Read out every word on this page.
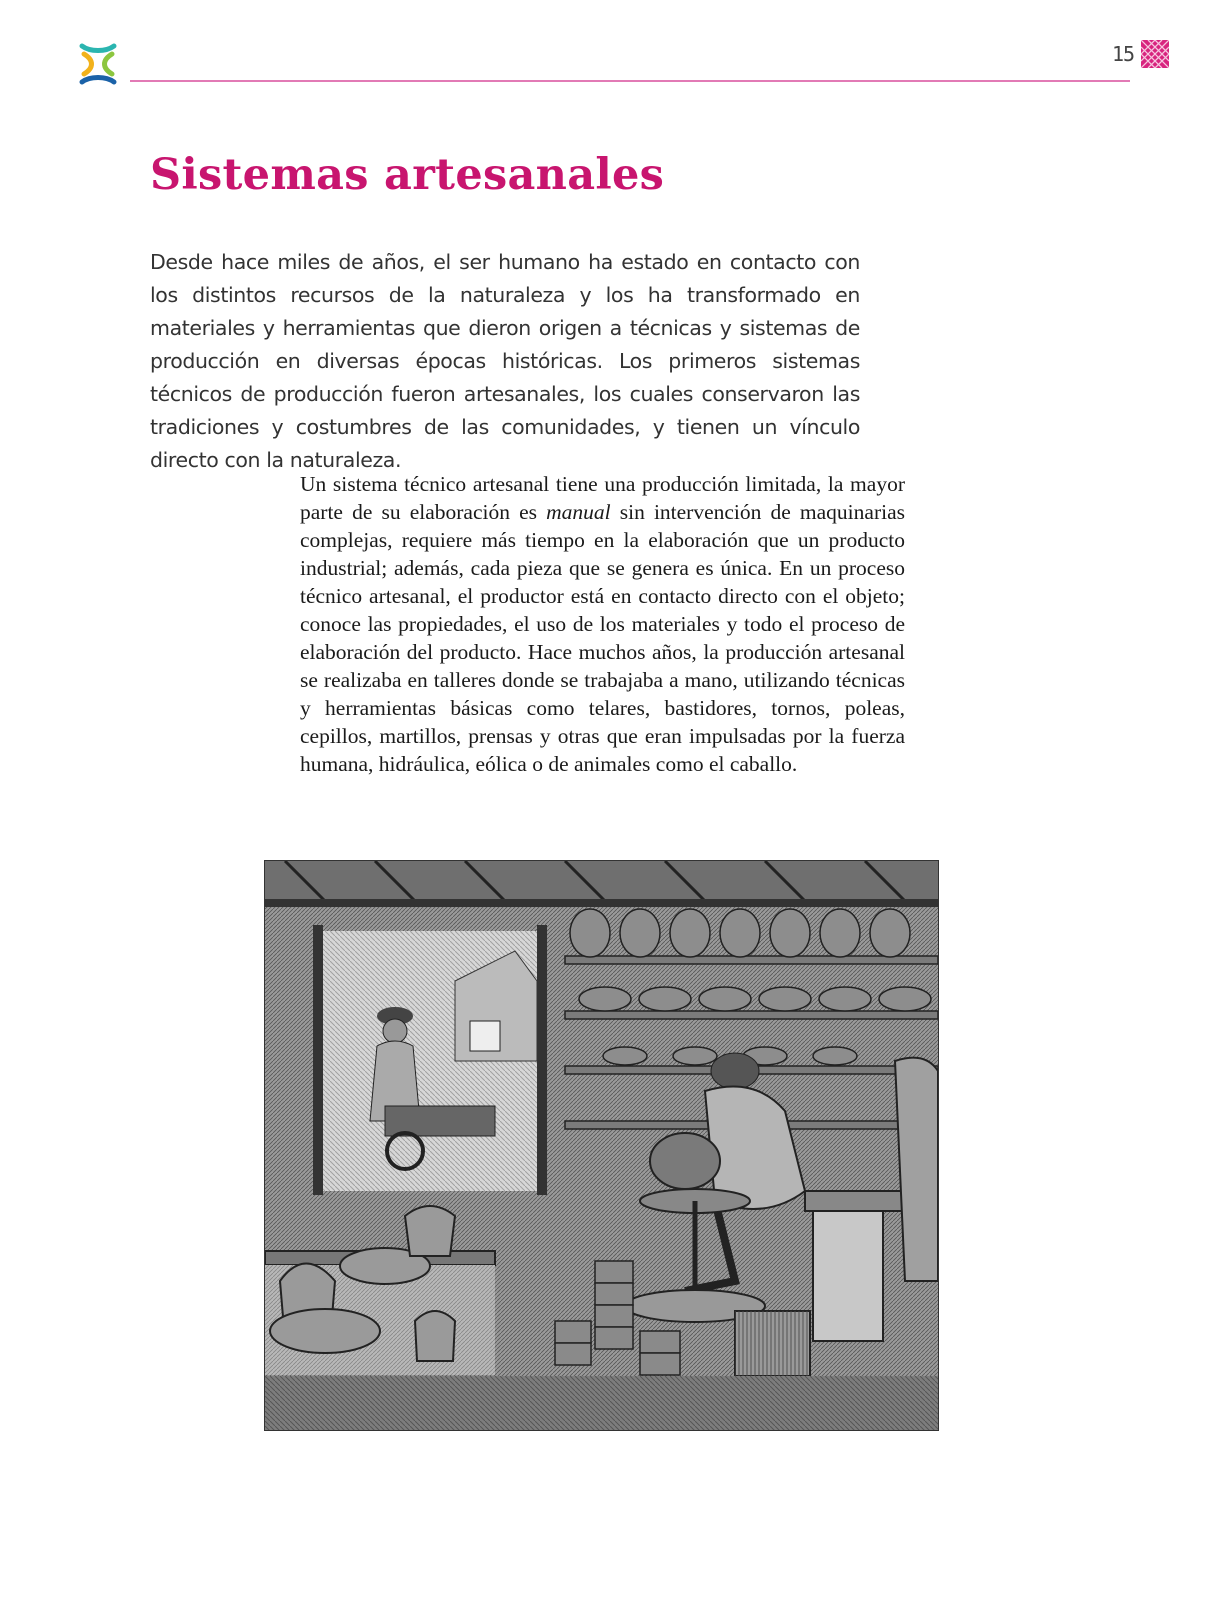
15
Sistemas artesanales

Desde hace miles de años, el ser humano ha estado en contacto con los distintos recursos de la naturaleza y los ha transformado en materiales y herramientas que dieron origen a técnicas y sistemas de producción en diversas épocas históricas. Los primeros sistemas técnicos de producción fueron artesanales, los cuales conservaron las tradiciones y costumbres de las comunidades, y tienen un vínculo directo con la naturaleza.

Un sistema técnico artesanal tiene una producción limitada, la mayor parte de su elaboración es manual sin intervención de maquinarias complejas, requiere más tiempo en la elaboración que un producto industrial; además, cada pieza que se genera es única. En un proceso técnico artesanal, el productor está en contacto directo con el objeto; conoce las propiedades, el uso de los materiales y todo el proceso de elaboración del producto. Hace muchos años, la producción artesanal se realizaba en talleres donde se trabajaba a mano, utilizando técnicas y herramientas básicas como telares, bastidores, tornos, poleas, cepillos, martillos, prensas y otras que eran impulsadas por la fuerza humana, hidráulica, eólica o de animales como el caballo.
